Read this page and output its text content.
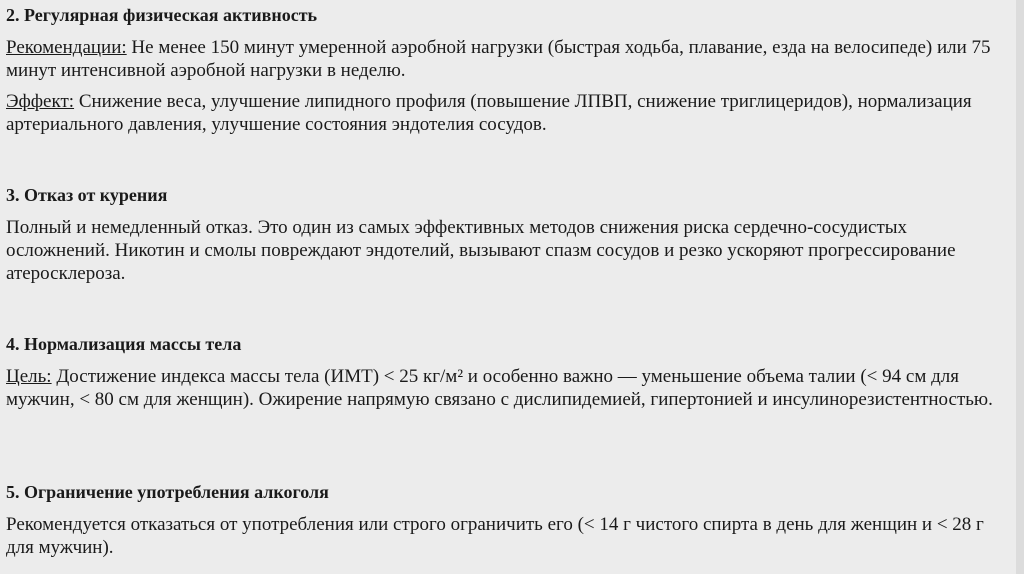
2. Регулярная физическая активность

Рекомендации: Не менее 150 минут умеренной аэробной нагрузки (быстрая ходьба, плавание, езда на велосипеде) или 75 минут интенсивной аэробной нагрузки в неделю.

Эффект: Снижение веса, улучшение липидного профиля (повышение ЛПВП, снижение триглицеридов), нормализация артериального давления, улучшение состояния эндотелия сосудов.

3. Отказ от курения

Полный и немедленный отказ. Это один из самых эффективных методов снижения риска сердечно-сосудистых осложнений. Никотин и смолы повреждают эндотелий, вызывают спазм сосудов и резко ускоряют прогрессирование атеросклероза.

4. Нормализация массы тела

Цель: Достижение индекса массы тела (ИМТ) < 25 кг/м² и особенно важно — уменьшение объема талии (< 94 см для мужчин, < 80 см для женщин). Ожирение напрямую связано с дислипидемией, гипертонией и инсулинорезистентностью.

5. Ограничение употребления алкоголя

Рекомендуется отказаться от употребления или строго ограничить его (< 14 г чистого спирта в день для женщин и < 28 г для мужчин).
